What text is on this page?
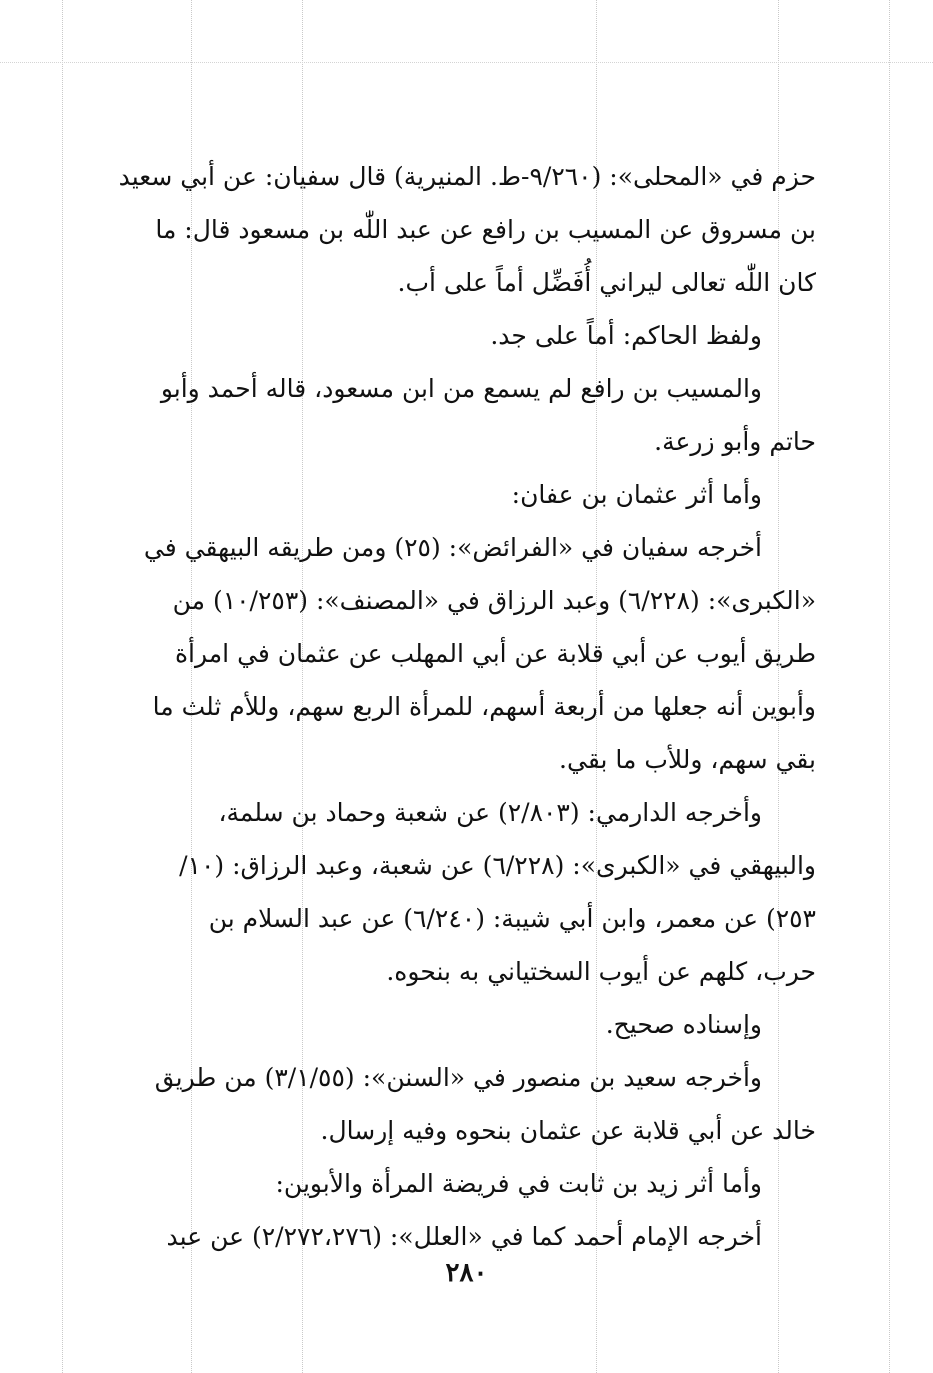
حزم في «المحلى»: (٩/٢٦٠-ط. المنيرية) قال سفيان: عن أبي سعيد
بن مسروق عن المسيب بن رافع عن عبد اللّٰه بن مسعود قال: ما
كان اللّٰه تعالى ليراني أُفَضِّل أماً على أب.
ولفظ الحاكم: أماً على جد.
والمسيب بن رافع لم يسمع من ابن مسعود، قاله أحمد وأبو
حاتم وأبو زرعة.
وأما أثر عثمان بن عفان:
أخرجه سفيان في «الفرائض»: (٢٥) ومن طريقه البيهقي في
«الكبرى»: (٦/٢٢٨) وعبد الرزاق في «المصنف»: (١٠/٢٥٣) من
طريق أيوب عن أبي قلابة عن أبي المهلب عن عثمان في امرأة
وأبوين أنه جعلها من أربعة أسهم، للمرأة الربع سهم، وللأم ثلث ما
بقي سهم، وللأب ما بقي.
وأخرجه الدارمي: (٢/٨٠٣) عن شعبة وحماد بن سلمة،
والبيهقي في «الكبرى»: (٦/٢٢٨) عن شعبة، وعبد الرزاق: (١٠/
٢٥٣) عن معمر، وابن أبي شيبة: (٦/٢٤٠) عن عبد السلام بن
حرب، كلهم عن أيوب السختياني به بنحوه.
وإسناده صحيح.
وأخرجه سعيد بن منصور في «السنن»: (٣/١/٥٥) من طريق
خالد عن أبي قلابة عن عثمان بنحوه وفيه إرسال.
وأما أثر زيد بن ثابت في فريضة المرأة والأبوين:
أخرجه الإمام أحمد كما في «العلل»: (٢/٢٧٢،٢٧٦) عن عبد
٢٨٠
